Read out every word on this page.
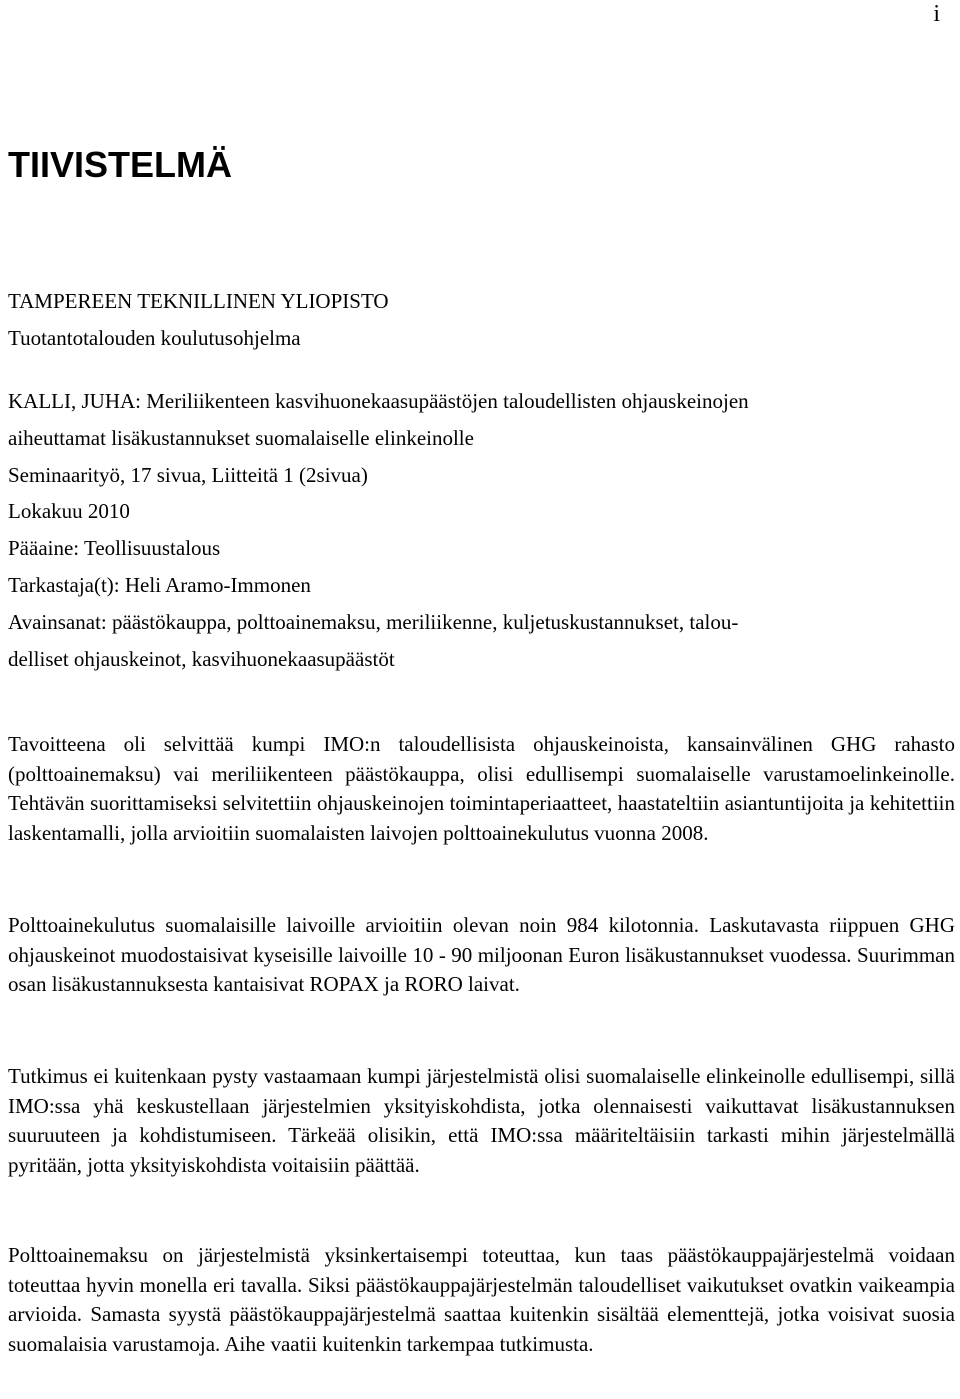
i
TIIVISTELMÄ
TAMPEREEN TEKNILLINEN YLIOPISTO
Tuotantotalouden koulutusohjelma
KALLI, JUHA: Meriliikenteen kasvihuonekaasupäästöjen taloudellisten ohjauskeinojen
aiheuttamat lisäkustannukset suomalaiselle elinkeinolle
Seminaarityö, 17 sivua, Liitteitä 1 (2sivua)
Lokakuu 2010
Pääaine: Teollisuustalous
Tarkastaja(t): Heli Aramo-Immonen
Avainsanat: päästökauppa, polttoainemaksu, meriliikenne, kuljetuskustannukset, talou-
delliset ohjauskeinot, kasvihuonekaasupäästöt

Tavoitteena oli selvittää kumpi IMO:n taloudellisista ohjauskeinoista, kansainvälinen GHG rahasto (polttoainemaksu) vai meriliikenteen päästökauppa, olisi edullisempi suomalaiselle varustamoelinkeinolle. Tehtävän suorittamiseksi selvitettiin ohjauskeinojen toimintaperiaatteet, haastateltiin asiantuntijoita ja kehitettiin laskentamalli, jolla arvioitiin suomalaisten laivojen polttoainekulutus vuonna 2008.

Polttoainekulutus suomalaisille laivoille arvioitiin olevan noin 984 kilotonnia. Laskutavasta riippuen GHG ohjauskeinot muodostaisivat kyseisille laivoille 10 - 90 miljoonan Euron lisäkustannukset vuodessa. Suurimman osan lisäkustannuksesta kantaisivat ROPAX ja RORO laivat.

Tutkimus ei kuitenkaan pysty vastaamaan kumpi järjestelmistä olisi suomalaiselle elinkeinolle edullisempi, sillä IMO:ssa yhä keskustellaan järjestelmien yksityiskohdista, jotka olennaisesti vaikuttavat lisäkustannuksen suuruuteen ja kohdistumiseen. Tärkeää olisikin, että IMO:ssa määriteltäisiin tarkasti mihin järjestelmällä pyritään, jotta yksityiskohdista voitaisiin päättää.

Polttoainemaksu on järjestelmistä yksinkertaisempi toteuttaa, kun taas päästökauppajärjestelmä voidaan toteuttaa hyvin monella eri tavalla. Siksi päästökauppajärjestelmän taloudelliset vaikutukset ovatkin vaikeampia arvioida. Samasta syystä päästökauppajärjestelmä saattaa kuitenkin sisältää elementtejä, jotka voisivat suosia suomalaisia varustamoja. Aihe vaatii kuitenkin tarkempaa tutkimusta.
